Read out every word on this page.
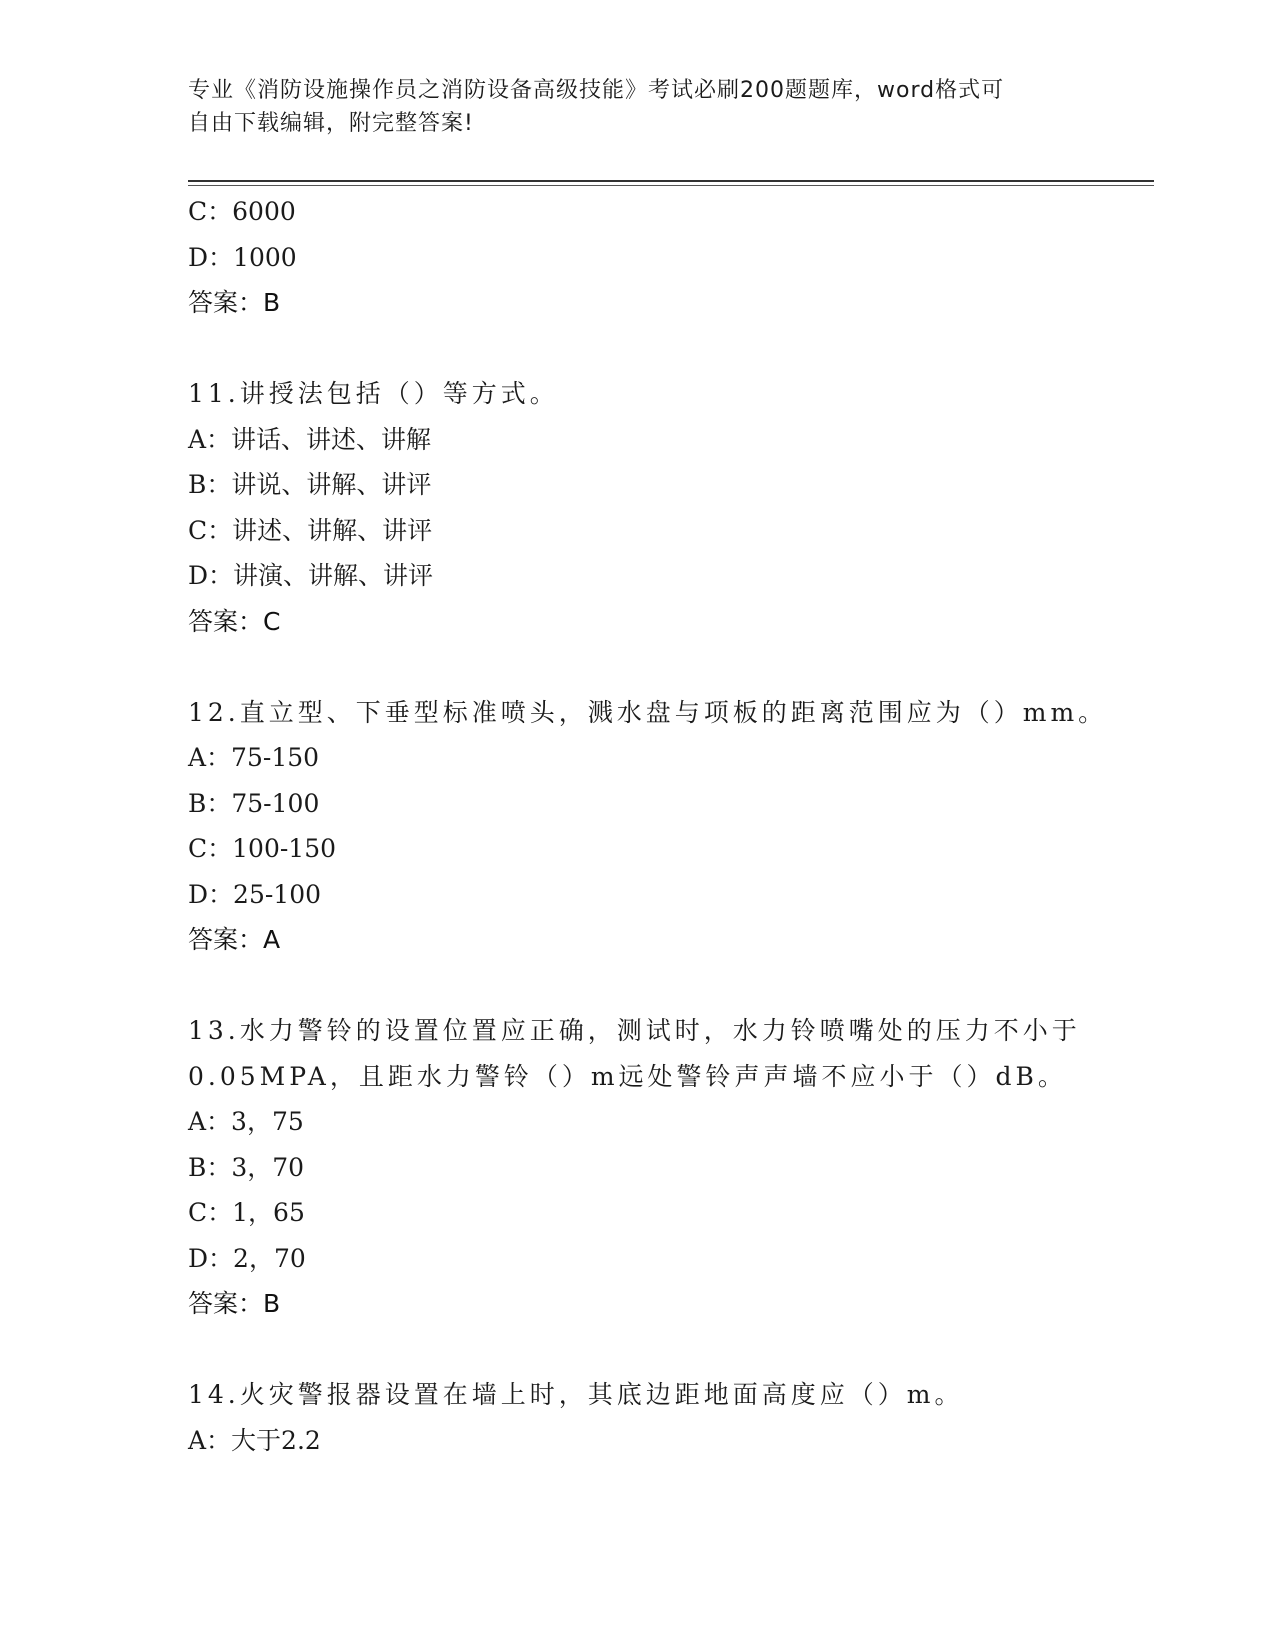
专业《消防设施操作员之消防设备高级技能》考试必刷200题题库，word格式可
自由下载编辑，附完整答案!
C：6000
D：1000
答案：B
11.讲授法包括（）等方式。
A：讲话、讲述、讲解
B：讲说、讲解、讲评
C：讲述、讲解、讲评
D：讲演、讲解、讲评
答案：C
12.直立型、下垂型标准喷头，溅水盘与项板的距离范围应为（）mm。
A：75-150
B：75-100
C：100-150
D：25-100
答案：A
13.水力警铃的设置位置应正确，测试时，水力铃喷嘴处的压力不小于
0.05MPA，且距水力警铃（）m远处警铃声声墙不应小于（）dB。
A：3，75
B：3，70
C：1，65
D：2，70
答案：B
14.火灾警报器设置在墙上时，其底边距地面高度应（）m。
A：大于2.2
